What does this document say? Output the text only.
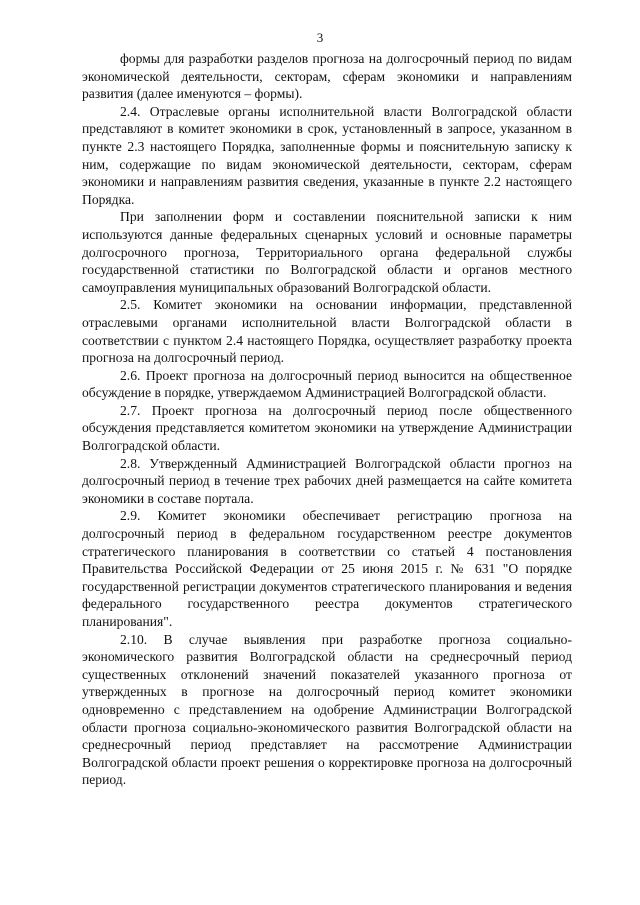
3

формы для разработки разделов прогноза на долгосрочный период по видам экономической деятельности, секторам, сферам экономики и направлениям развития (далее именуются – формы).

2.4. Отраслевые органы исполнительной власти Волгоградской области представляют в комитет экономики в срок, установленный в запросе, указанном в пункте 2.3 настоящего Порядка, заполненные формы и пояснительную записку к ним, содержащие по видам экономической деятельности, секторам, сферам экономики и направлениям развития сведения, указанные в пункте 2.2 настоящего Порядка.

При заполнении форм и составлении пояснительной записки к ним используются данные федеральных сценарных условий и основные параметры долгосрочного прогноза, Территориального органа федеральной службы государственной статистики по Волгоградской области и органов местного самоуправления муниципальных образований Волгоградской области.

2.5. Комитет экономики на основании информации, представленной отраслевыми органами исполнительной власти Волгоградской области в соответствии с пунктом 2.4 настоящего Порядка, осуществляет разработку проекта прогноза на долгосрочный период.

2.6. Проект прогноза на долгосрочный период выносится на общественное обсуждение в порядке, утверждаемом Администрацией Волгоградской области.

2.7. Проект прогноза на долгосрочный период после общественного обсуждения представляется комитетом экономики на утверждение Администрации Волгоградской области.

2.8. Утвержденный Администрацией Волгоградской области прогноз на долгосрочный период в течение трех рабочих дней размещается на сайте комитета экономики в составе портала.

2.9. Комитет экономики обеспечивает регистрацию прогноза на долгосрочный период в федеральном государственном реестре документов стратегического планирования в соответствии со статьей 4 постановления Правительства Российской Федерации от 25 июня 2015 г. № 631 "О порядке государственной регистрации документов стратегического планирования и ведения федерального государственного реестра документов стратегического планирования".

2.10. В случае выявления при разработке прогноза социально-экономического развития Волгоградской области на среднесрочный период существенных отклонений значений показателей указанного прогноза от утвержденных в прогнозе на долгосрочный период комитет экономики одновременно с представлением на одобрение Администрации Волгоградской области прогноза социально-экономического развития Волгоградской области на среднесрочный период представляет на рассмотрение Администрации Волгоградской области проект решения о корректировке прогноза на долгосрочный период.
